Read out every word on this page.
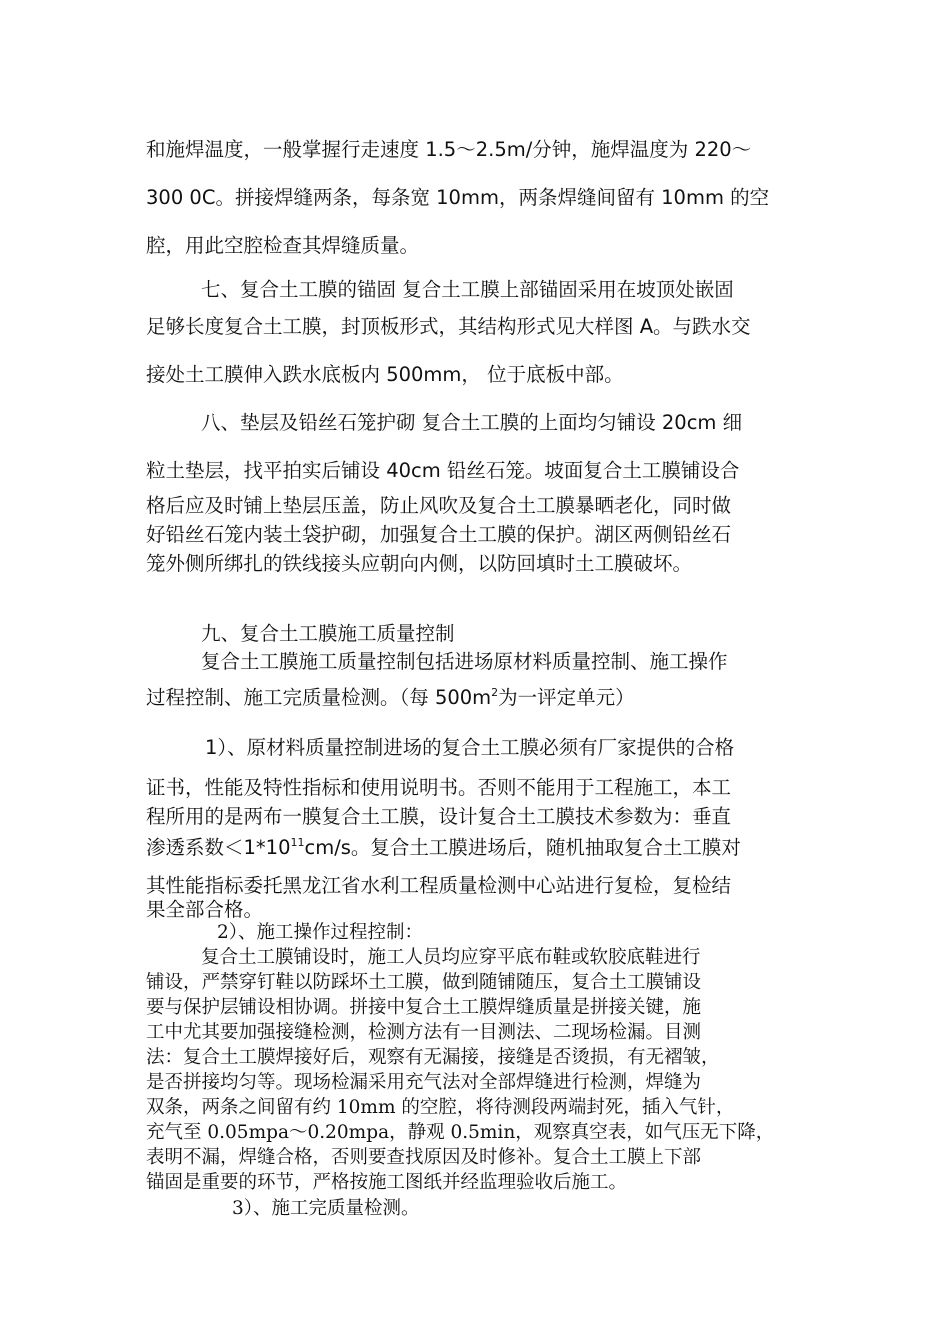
和施焊温度，一般掌握行走速度 1.5～2.5m/分钟，施焊温度为 220～
300 0C。拼接焊缝两条，每条宽 10mm，两条焊缝间留有 10mm 的空
腔，用此空腔检查其焊缝质量。
七、复合土工膜的锚固 复合土工膜上部锚固采用在坡顶处嵌固
足够长度复合土工膜，封顶板形式，其结构形式见大样图 A。与跌水交
接处土工膜伸入跌水底板内 500mm， 位于底板中部。
八、垫层及铅丝石笼护砌 复合土工膜的上面均匀铺设 20cm 细
粒土垫层，找平拍实后铺设 40cm 铅丝石笼。坡面复合土工膜铺设合
格后应及时铺上垫层压盖，防止风吹及复合土工膜暴晒老化，同时做
好铅丝石笼内装土袋护砌，加强复合土工膜的保护。湖区两侧铅丝石
笼外侧所绑扎的铁线接头应朝向内侧，以防回填时土工膜破坏。
九、复合土工膜施工质量控制
复合土工膜施工质量控制包括进场原材料质量控制、施工操作
过程控制、施工完质量检测。（每 $500m^2$为一评定单元）
1）、原材料质量控制进场的复合土工膜必须有厂家提供的合格
证书，性能及特性指标和使用说明书。否则不能用于工程施工，本工
程所用的是两布一膜复合土工膜，设计复合土工膜技术参数为：垂直
渗透系数$<1*10^{11}cm/s$。复合土工膜进场后，随机抽取复合土工膜对
其性能指标委托黑龙江省水利工程质量检测中心站进行复检，复检结
果全部合格。
2）、施工操作过程控制：
复合土工膜铺设时，施工人员均应穿平底布鞋或软胶底鞋进行
铺设，严禁穿钉鞋以防踩坏土工膜，做到随铺随压，复合土工膜铺设
要与保护层铺设相协调。拼接中复合土工膜焊缝质量是拼接关键，施
工中尤其要加强接缝检测，检测方法有一目测法、二现场检漏。目测
法：复合土工膜焊接好后，观察有无漏接，接缝是否烫损，有无褶皱，
是否拼接均匀等。现场检漏采用充气法对全部焊缝进行检测，焊缝为
双条，两条之间留有约 10mm 的空腔，将待测段两端封死，插入气针，
充气至 0.05mpa～0.20mpa，静观 0.5min，观察真空表，如气压无下降，
表明不漏，焊缝合格，否则要查找原因及时修补。复合土工膜上下部
锚固是重要的环节，严格按施工图纸并经监理验收后施工。
3）、施工完质量检测。
